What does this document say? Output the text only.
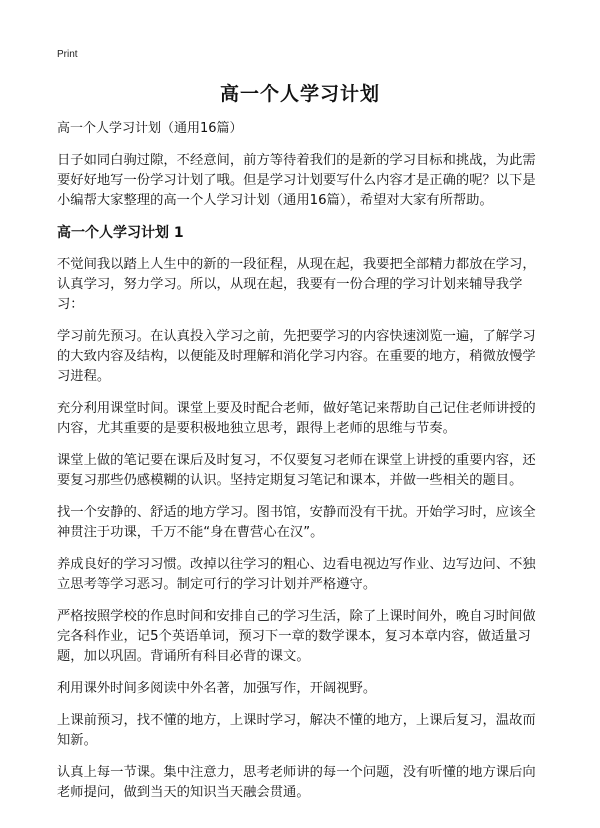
Print
高一个人学习计划

高一个人学习计划（通用16篇）

日子如同白驹过隙，不经意间，前方等待着我们的是新的学习目标和挑战，为此需要好好地写一份学习计划了哦。但是学习计划要写什么内容才是正确的呢？以下是小编帮大家整理的高一个人学习计划（通用16篇），希望对大家有所帮助。

高一个人学习计划 1

不觉间我以踏上人生中的新的一段征程，从现在起，我要把全部精力都放在学习，认真学习，努力学习。所以，从现在起，我要有一份合理的学习计划来辅导我学习：

学习前先预习。在认真投入学习之前，先把要学习的内容快速浏览一遍，了解学习的大致内容及结构，以便能及时理解和消化学习内容。在重要的地方，稍微放慢学习进程。

充分利用课堂时间。课堂上要及时配合老师，做好笔记来帮助自己记住老师讲授的内容，尤其重要的是要积极地独立思考，跟得上老师的思维与节奏。

课堂上做的笔记要在课后及时复习，不仅要复习老师在课堂上讲授的重要内容，还要复习那些仍感模糊的认识。坚持定期复习笔记和课本，并做一些相关的题目。

找一个安静的、舒适的地方学习。图书馆，安静而没有干扰。开始学习时，应该全神贯注于功课，千万不能“身在曹营心在汉”。

养成良好的学习习惯。改掉以往学习的粗心、边看电视边写作业、边写边问、不独立思考等学习恶习。制定可行的学习计划并严格遵守。

严格按照学校的作息时间和安排自己的学习生活，除了上课时间外，晚自习时间做完各科作业，记5个英语单词，预习下一章的数学课本，复习本章内容，做适量习题，加以巩固。背诵所有科目必背的课文。

利用课外时间多阅读中外名著，加强写作，开阔视野。

上课前预习，找不懂的地方，上课时学习，解决不懂的地方，上课后复习，温故而知新。

认真上每一节课。集中注意力，思考老师讲的每一个问题，没有听懂的地方课后向老师提问，做到当天的知识当天融会贯通。
